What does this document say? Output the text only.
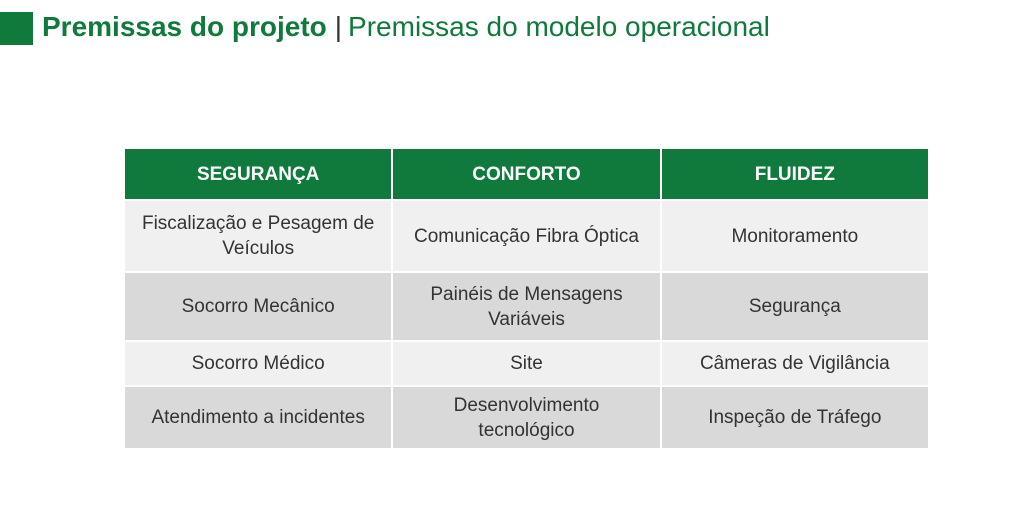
Premissas do projeto | Premissas do modelo operacional
SEGURANÇA	CONFORTO	FLUIDEZ
Fiscalização e Pesagem de Veículos	Comunicação Fibra Óptica	Monitoramento
Socorro Mecânico	Painéis de Mensagens Variáveis	Segurança
Socorro Médico	Site	Câmeras de Vigilância
Atendimento a incidentes	Desenvolvimento tecnológico	Inspeção de Tráfego
